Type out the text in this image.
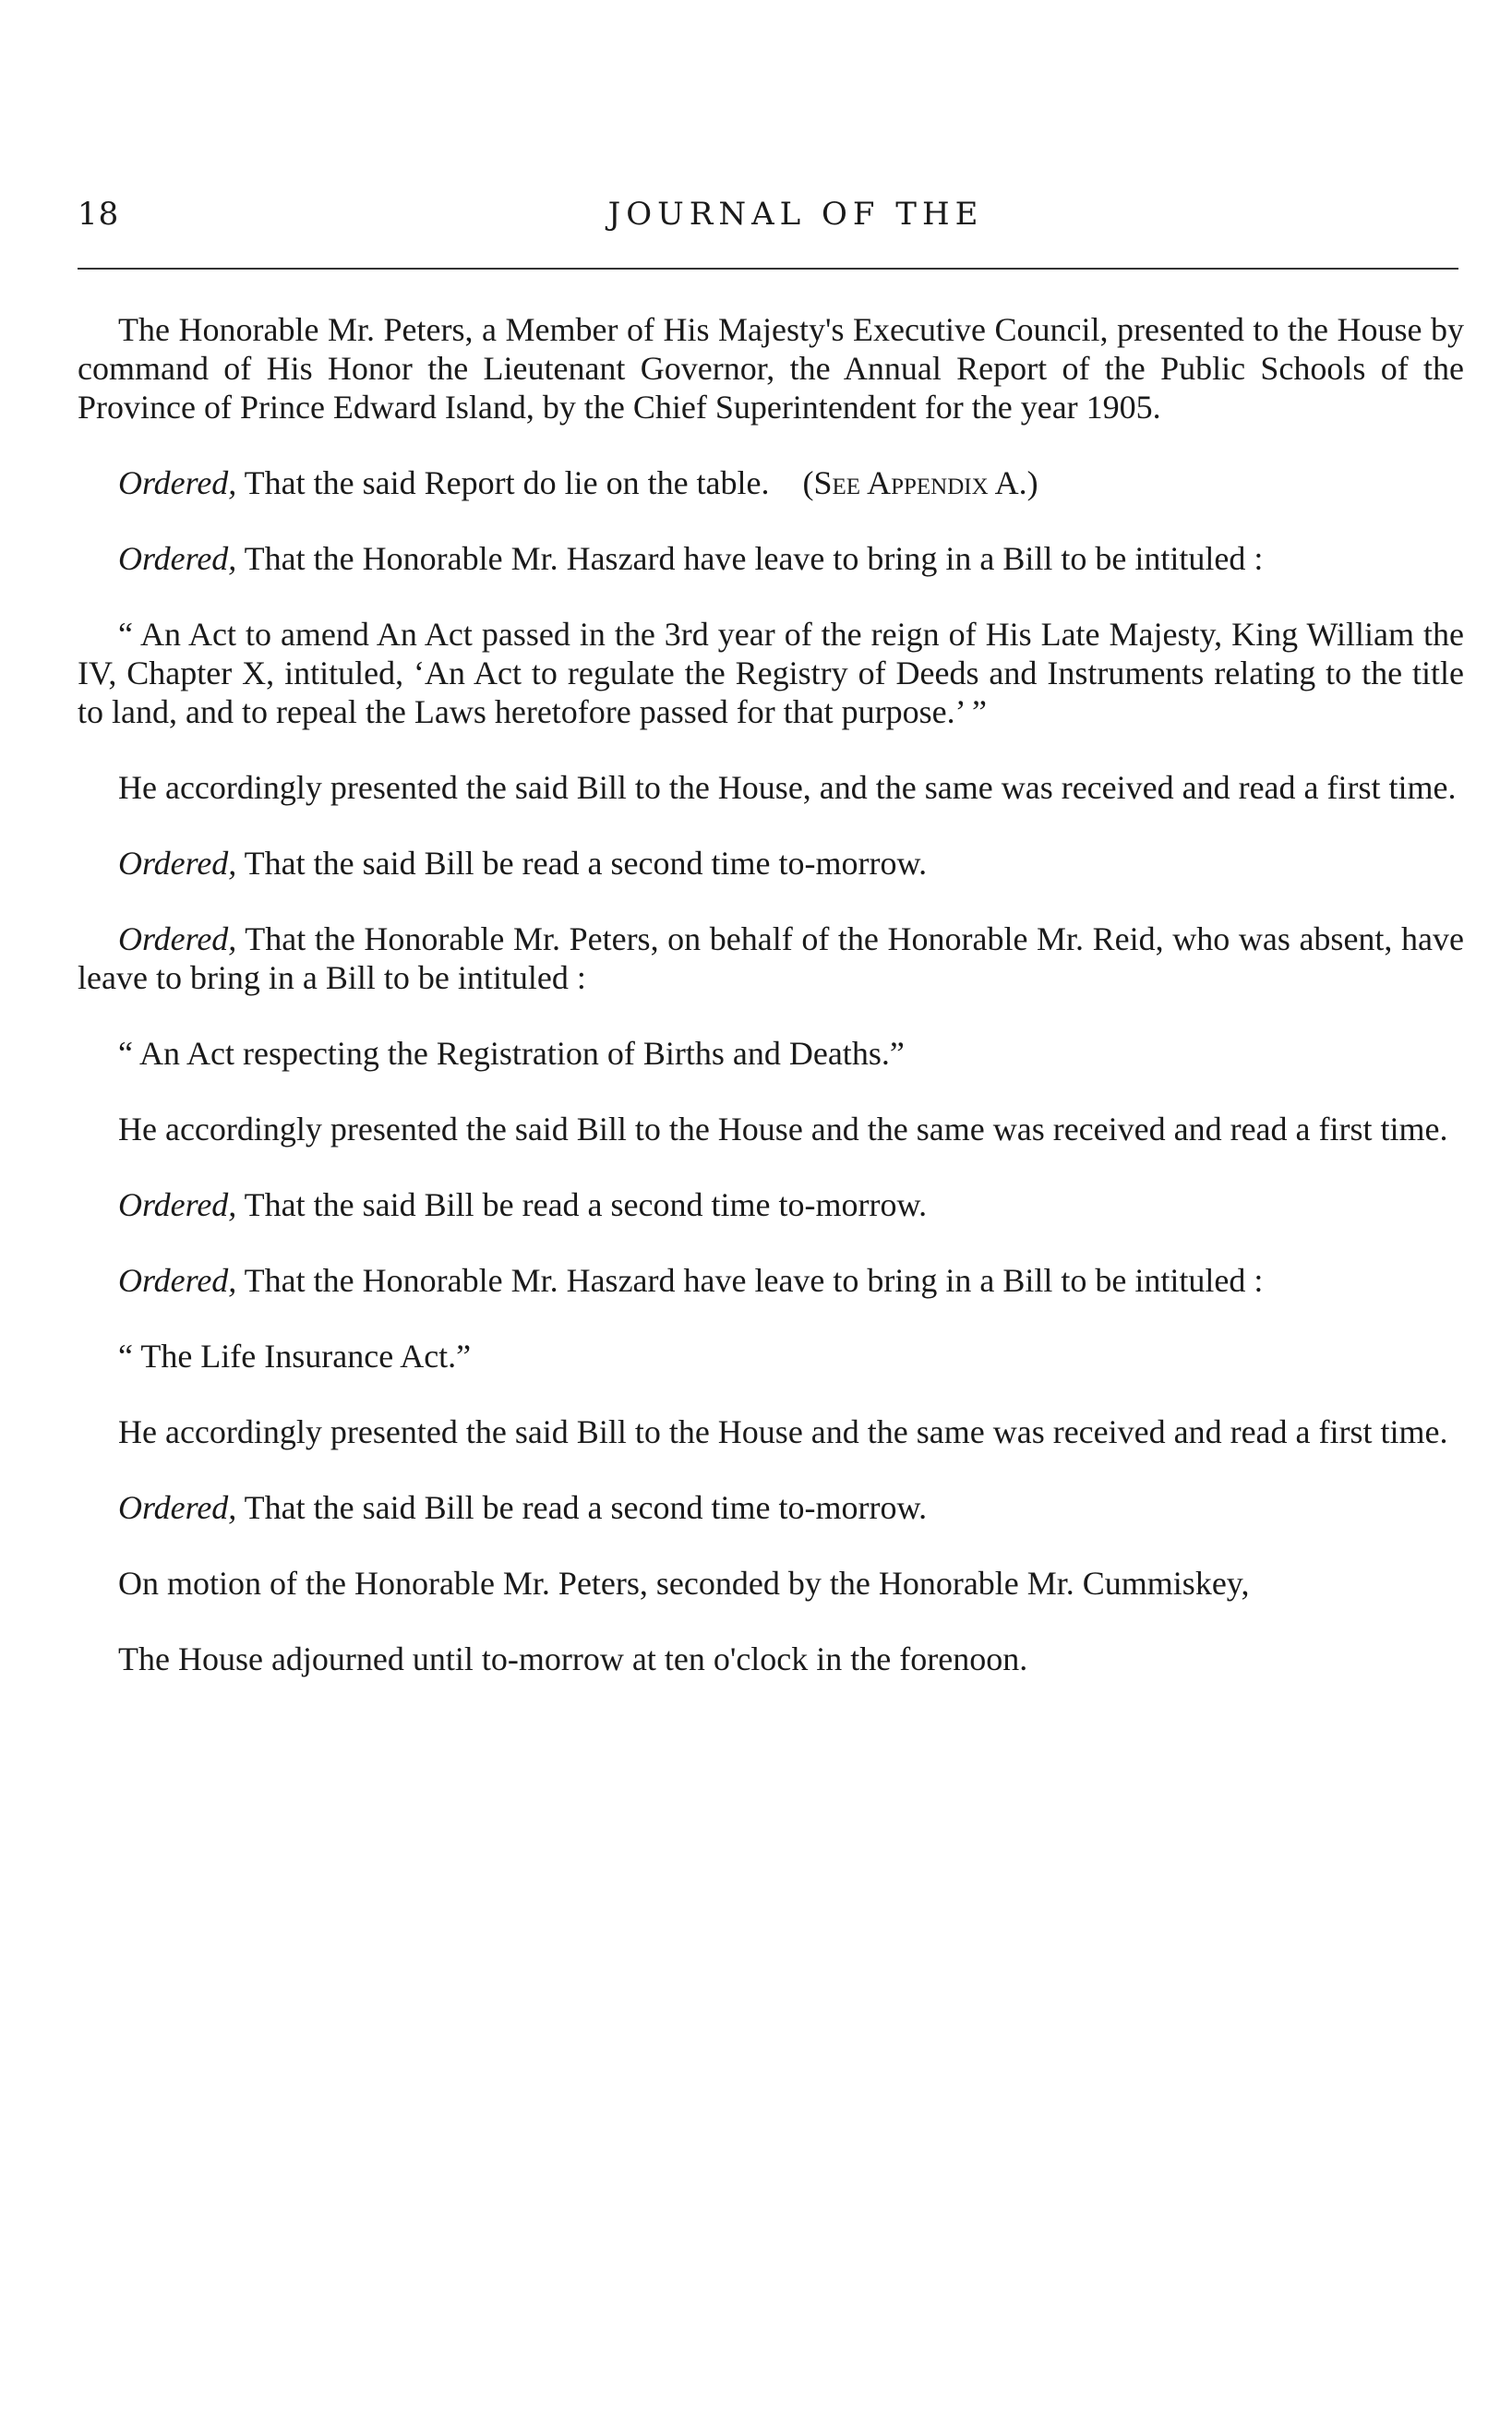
18	JOURNAL OF THE

The Honorable Mr. Peters, a Member of His Majesty's Executive Council, presented to the House by command of His Honor the Lieutenant Governor, the Annual Report of the Public Schools of the Province of Prince Edward Island, by the Chief Superintendent for the year 1905.

Ordered, That the said Report do lie on the table. (See Appendix A.)

Ordered, That the Honorable Mr. Haszard have leave to bring in a Bill to be intituled :

“ An Act to amend An Act passed in the 3rd year of the reign of His Late Majesty, King William the IV, Chapter X, intituled, ‘An Act to regulate the Registry of Deeds and Instruments relating to the title to land, and to repeal the Laws heretofore passed for that purpose.’ ”

He accordingly presented the said Bill to the House, and the same was received and read a first time.

Ordered, That the said Bill be read a second time to-morrow.

Ordered, That the Honorable Mr. Peters, on behalf of the Honorable Mr. Reid, who was absent, have leave to bring in a Bill to be intituled :

“ An Act respecting the Registration of Births and Deaths.”

He accordingly presented the said Bill to the House and the same was received and read a first time.

Ordered, That the said Bill be read a second time to-morrow.

Ordered, That the Honorable Mr. Haszard have leave to bring in a Bill to be intituled :

“ The Life Insurance Act.”

He accordingly presented the said Bill to the House and the same was received and read a first time.

Ordered, That the said Bill be read a second time to-morrow.

On motion of the Honorable Mr. Peters, seconded by the Honorable Mr. Cummiskey,

The House adjourned until to-morrow at ten o'clock in the forenoon.
